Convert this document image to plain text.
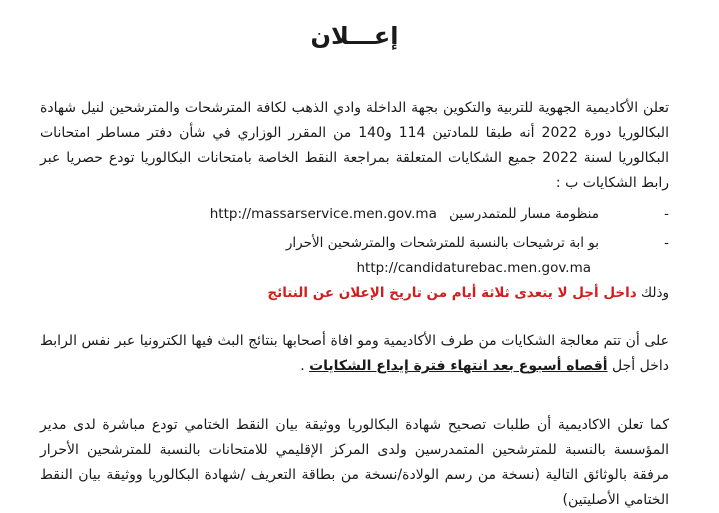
إعـــلان

تعلن الأكاديمية الجهوية للتربية والتكوين بجهة الداخلة وادي الذهب لكافة المترشحات والمترشحين لنيل شهادة البكالوريا دورة 2022 أنه طبقا للمادتين 114 و140 من المقرر الوزاري في شأن دفتر مساطر امتحانات البكالوريا لسنة 2022 جميع الشكايات المتعلقة بمراجعة النقط الخاصة بامتحانات البكالوريا تودع حصريا عبر رابط الشكايات ب :

-
منظومة مسار للمتمدرسين http://massarservice.men.gov.ma

-
بو ابة ترشيحات بالنسبة للمترشحات والمترشحين الأحرار http://candidaturebac.men.gov.ma

وذلك داخل أجل لا يتعدى ثلاثة أيام من تاريخ الإعلان عن النتائج

على أن تتم معالجة الشكايات من طرف الأكاديمية ومو افاة أصحابها بنتائج البث فيها الكترونيا عبر نفس الرابط داخل أجل أقصاه أسبوع بعد انتهاء فترة إيداع الشكايات .

كما تعلن الاكاديمية أن طلبات تصحيح شهادة البكالوريا ووثيقة بيان النقط الختامي تودع مباشرة لدى مدير المؤسسة بالنسبة للمترشحين المتمدرسين ولدى المركز الإقليمي للامتحانات بالنسبة للمترشحين الأحرار مرفقة بالوثائق التالية (نسخة من رسم الولادة/نسخة من بطاقة التعريف /شهادة البكالوريا ووثيقة بيان النقط الختامي الأصليتين)
